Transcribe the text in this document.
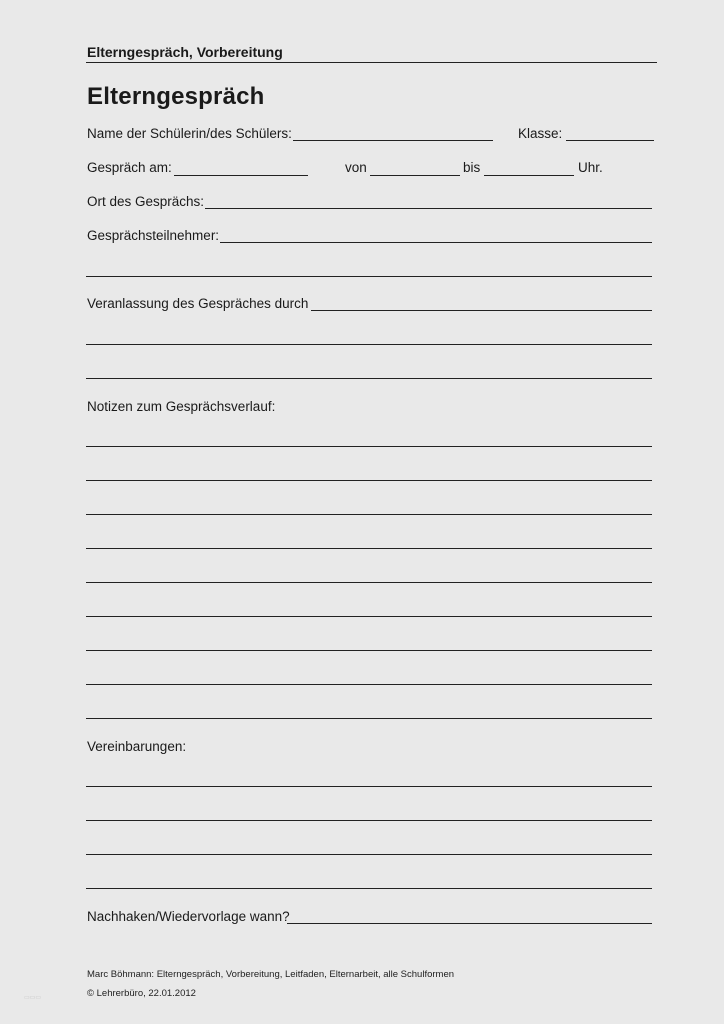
Elterngespräch, Vorbereitung
Elterngespräch
Name der Schülerin/des Schülers:	Klasse:
Gespräch am:	von	bis	Uhr.
Ort des Gesprächs:
Gesprächsteilnehmer:
Veranlassung des Gespräches durch
Notizen zum Gesprächsverlauf:
Vereinbarungen:
Nachhaken/Wiedervorlage wann?
Marc Böhmann: Elterngespräch, Vorbereitung, Leitfaden, Elternarbeit, alle Schulformen
© Lehrerbüro, 22.01.2012
▭▭▭
